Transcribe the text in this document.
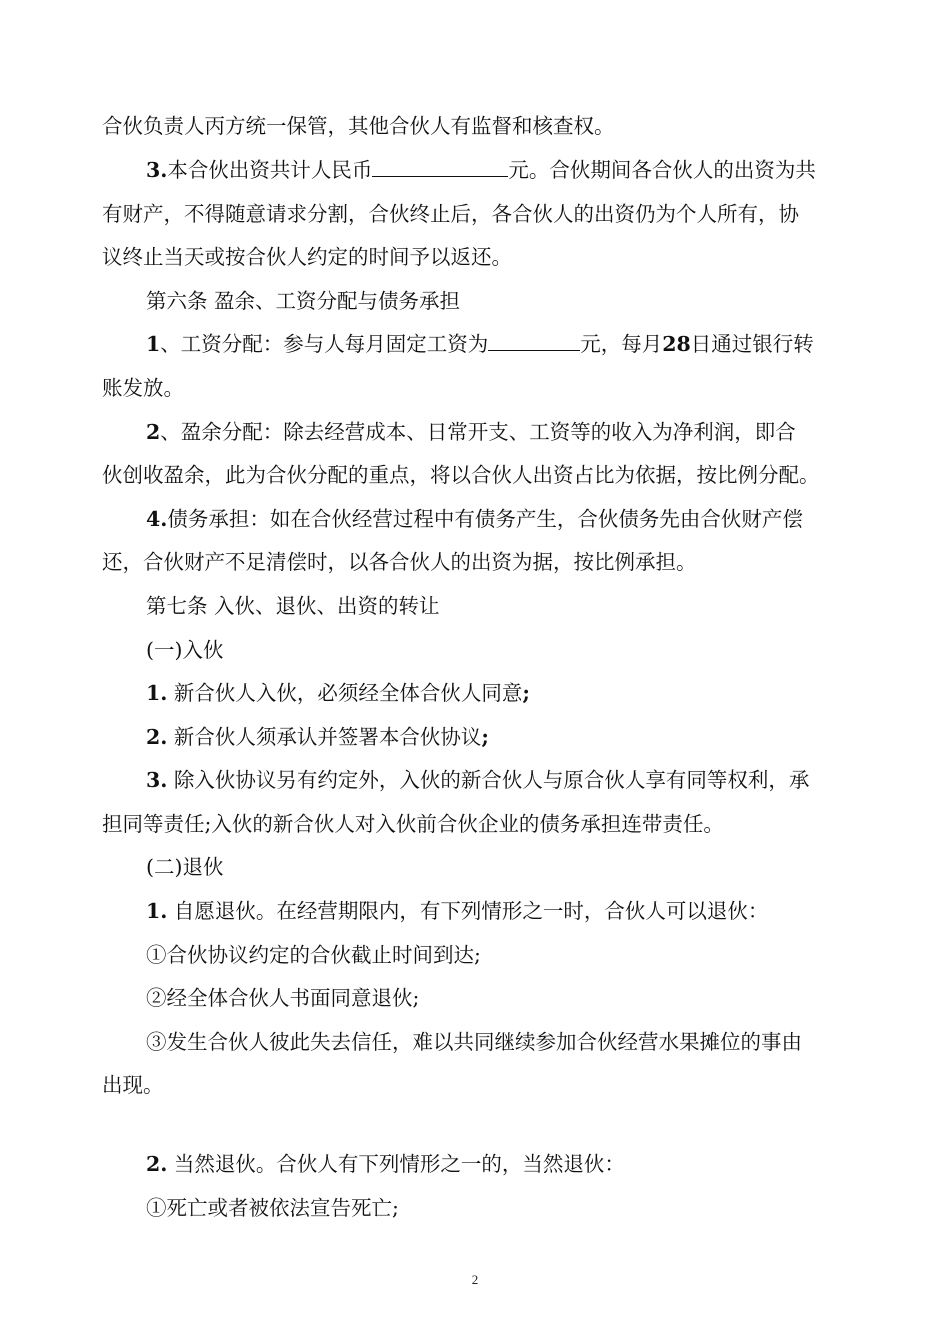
合伙负责人丙方统一保管，其他合伙人有监督和核查权。
3.本合伙出资共计人民币	元。合伙期间各合伙人的出资为共
有财产，不得随意请求分割，合伙终止后，各合伙人的出资仍为个人所有，协
议终止当天或按合伙人约定的时间予以返还。
第六条 盈余、工资分配与债务承担
1、工资分配：参与人每月固定工资为	元，每月28日通过银行转
账发放。
2、盈余分配：除去经营成本、日常开支、工资等的收入为净利润，即合
伙创收盈余，此为合伙分配的重点，将以合伙人出资占比为依据，按比例分配。
4.债务承担：如在合伙经营过程中有债务产生，合伙债务先由合伙财产偿
还，合伙财产不足清偿时，以各合伙人的出资为据，按比例承担。
第七条 入伙、退伙、出资的转让
(一)入伙
1. 新合伙人入伙，必须经全体合伙人同意;
2. 新合伙人须承认并签署本合伙协议;
3. 除入伙协议另有约定外，入伙的新合伙人与原合伙人享有同等权利，承
担同等责任;入伙的新合伙人对入伙前合伙企业的债务承担连带责任。
(二)退伙
1. 自愿退伙。在经营期限内，有下列情形之一时，合伙人可以退伙：
①合伙协议约定的合伙截止时间到达;
②经全体合伙人书面同意退伙;
③发生合伙人彼此失去信任，难以共同继续参加合伙经营水果摊位的事由
出现。
2. 当然退伙。合伙人有下列情形之一的，当然退伙：
①死亡或者被依法宣告死亡;
2
